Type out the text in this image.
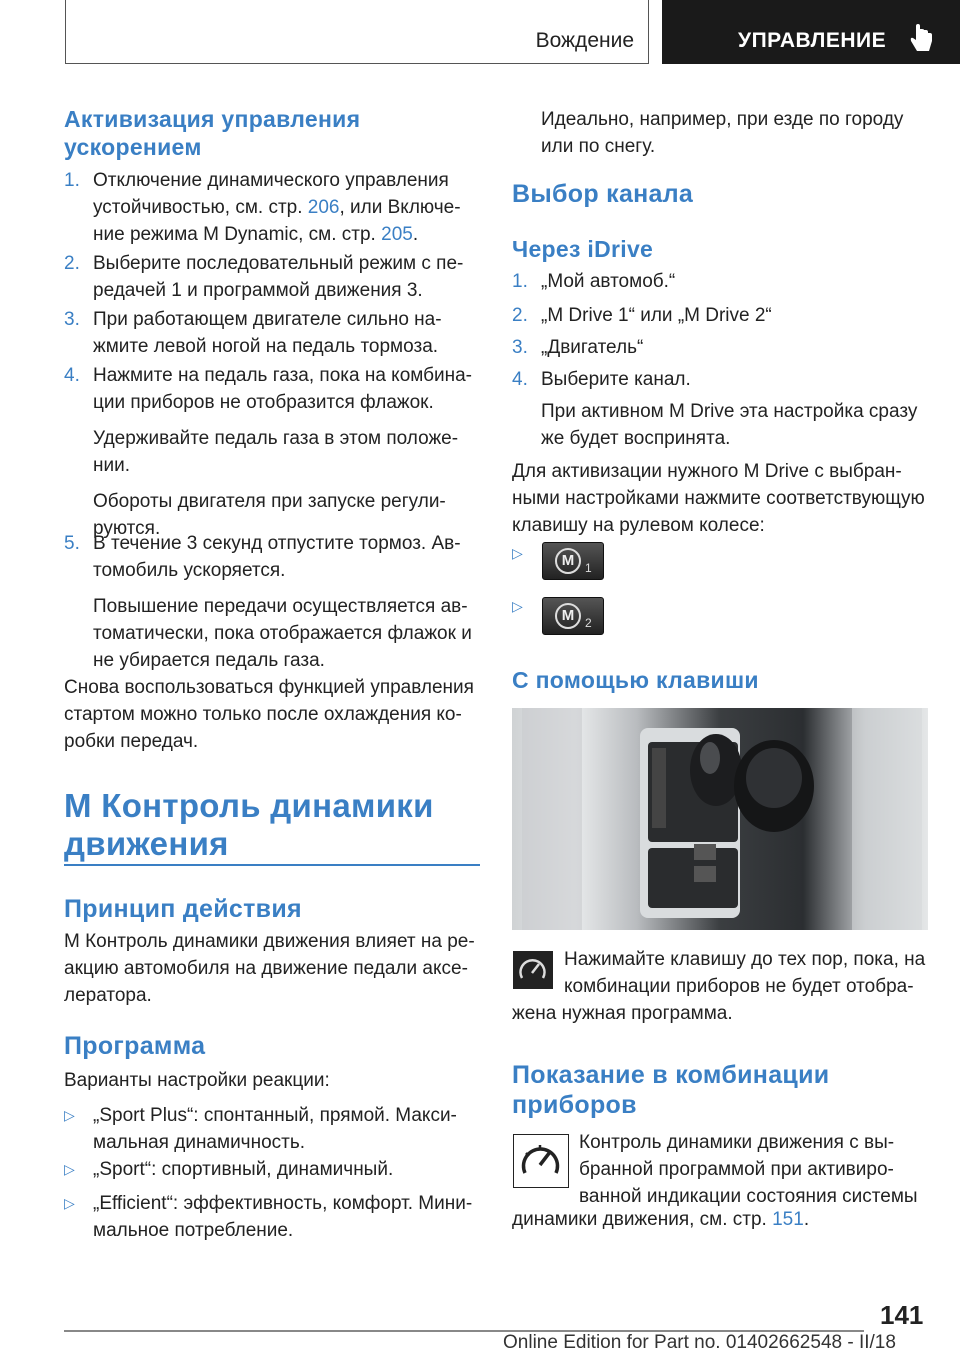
Вождение	УПРАВЛЕНИЕ
Активизация управления
ускорением
1. Отключение динамического управления
устойчивостью, см. стр. 206, или Включе-
ние режима M Dynamic, см. стр. 205.
2. Выберите последовательный режим с пе-
редачей 1 и программой движения 3.
3. При работающем двигателе сильно на-
жмите левой ногой на педаль тормоза.
4. Нажмите на педаль газа, пока на комбина-
ции приборов не отобразится флажок.
Удерживайте педаль газа в этом положе-
нии.
Обороты двигателя при запуске регули-
руются.
5. В течение 3 секунд отпустите тормоз. Ав-
томобиль ускоряется.
Повышение передачи осуществляется ав-
томатически, пока отображается флажок и
не убирается педаль газа.
Снова воспользоваться функцией управления
стартом можно только после охлаждения ко-
робки передач.
M Контроль динамики
движения
Принцип действия
M Контроль динамики движения влияет на ре-
акцию автомобиля на движение педали аксе-
лератора.
Программа
Варианты настройки реакции:
▷ „Sport Plus“: спонтанный, прямой. Макси-
мальная динамичность.
▷ „Sport“: спортивный, динамичный.
▷ „Efficient“: эффективность, комфорт. Мини-
мальное потребление.
Идеально, например, при езде по городу
или по снегу.
Выбор канала
Через iDrive
1. „Мой автомоб.“
2. „M Drive 1“ или „M Drive 2“
3. „Двигатель“
4. Выберите канал.
При активном M Drive эта настройка сразу
же будет воспринята.
Для активизации нужного M Drive с выбран-
ными настройками нажмите соответствующую
клавишу на рулевом колесе:
▷	M 1
▷
M 2
С помощью клавиши
Нажимайте клавишу до тех пор, пока, на
комбинации приборов не будет отобра-
жена нужная программа.
Показание в комбинации
приборов
Контроль динамики движения с вы-
бранной программой при активиро-
ванной индикации состояния системы
динамики движения, см. стр. 151.
141
Online Edition for Part no. 01402662548 - II/18
